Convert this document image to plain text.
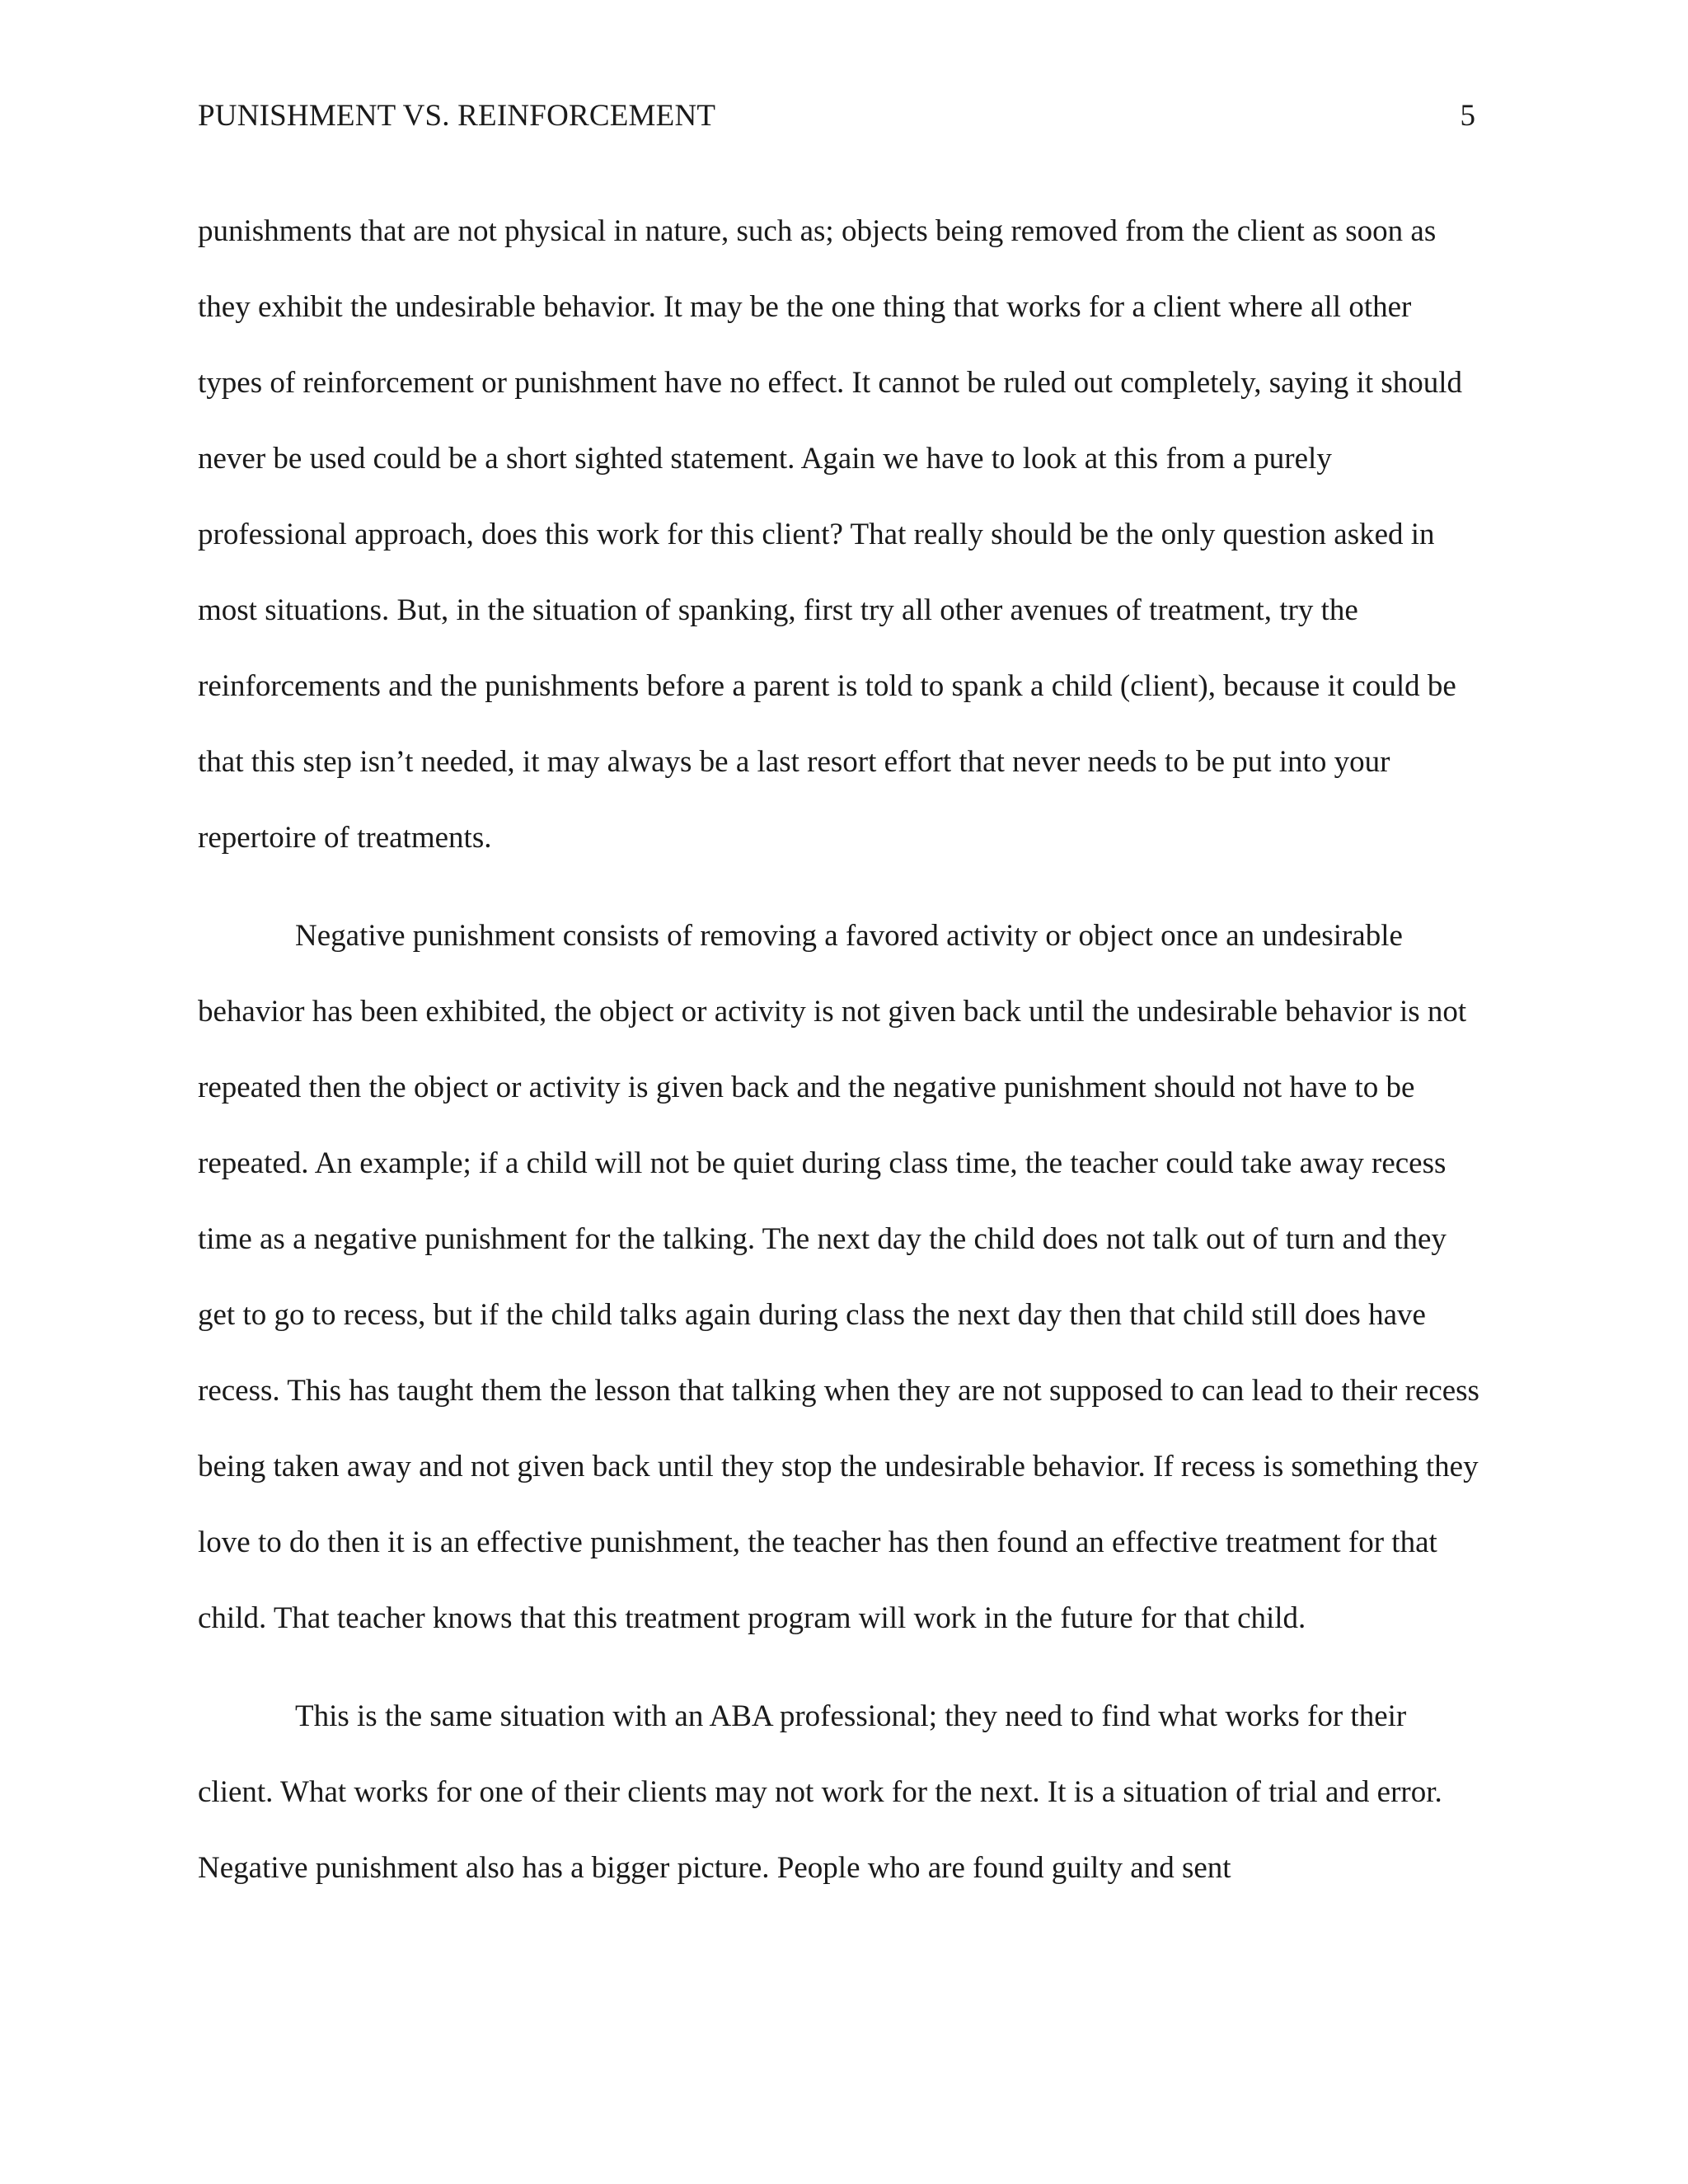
PUNISHMENT VS. REINFORCEMENT	5

punishments that are not physical in nature, such as; objects being removed from the client as soon as they exhibit the undesirable behavior. It may be the one thing that works for a client where all other types of reinforcement or punishment have no effect. It cannot be ruled out completely, saying it should never be used could be a short sighted statement. Again we have to look at this from a purely professional approach, does this work for this client? That really should be the only question asked in most situations. But, in the situation of spanking, first try all other avenues of treatment, try the reinforcements and the punishments before a parent is told to spank a child (client), because it could be that this step isn’t needed, it may always be a last resort effort that never needs to be put into your repertoire of treatments.

Negative punishment consists of removing a favored activity or object once an undesirable behavior has been exhibited, the object or activity is not given back until the undesirable behavior is not repeated then the object or activity is given back and the negative punishment should not have to be repeated. An example; if a child will not be quiet during class time, the teacher could take away recess time as a negative punishment for the talking. The next day the child does not talk out of turn and they get to go to recess, but if the child talks again during class the next day then that child still does have recess. This has taught them the lesson that talking when they are not supposed to can lead to their recess being taken away and not given back until they stop the undesirable behavior. If recess is something they love to do then it is an effective punishment, the teacher has then found an effective treatment for that child. That teacher knows that this treatment program will work in the future for that child.

This is the same situation with an ABA professional; they need to find what works for their client. What works for one of their clients may not work for the next. It is a situation of trial and error. Negative punishment also has a bigger picture. People who are found guilty and sent
